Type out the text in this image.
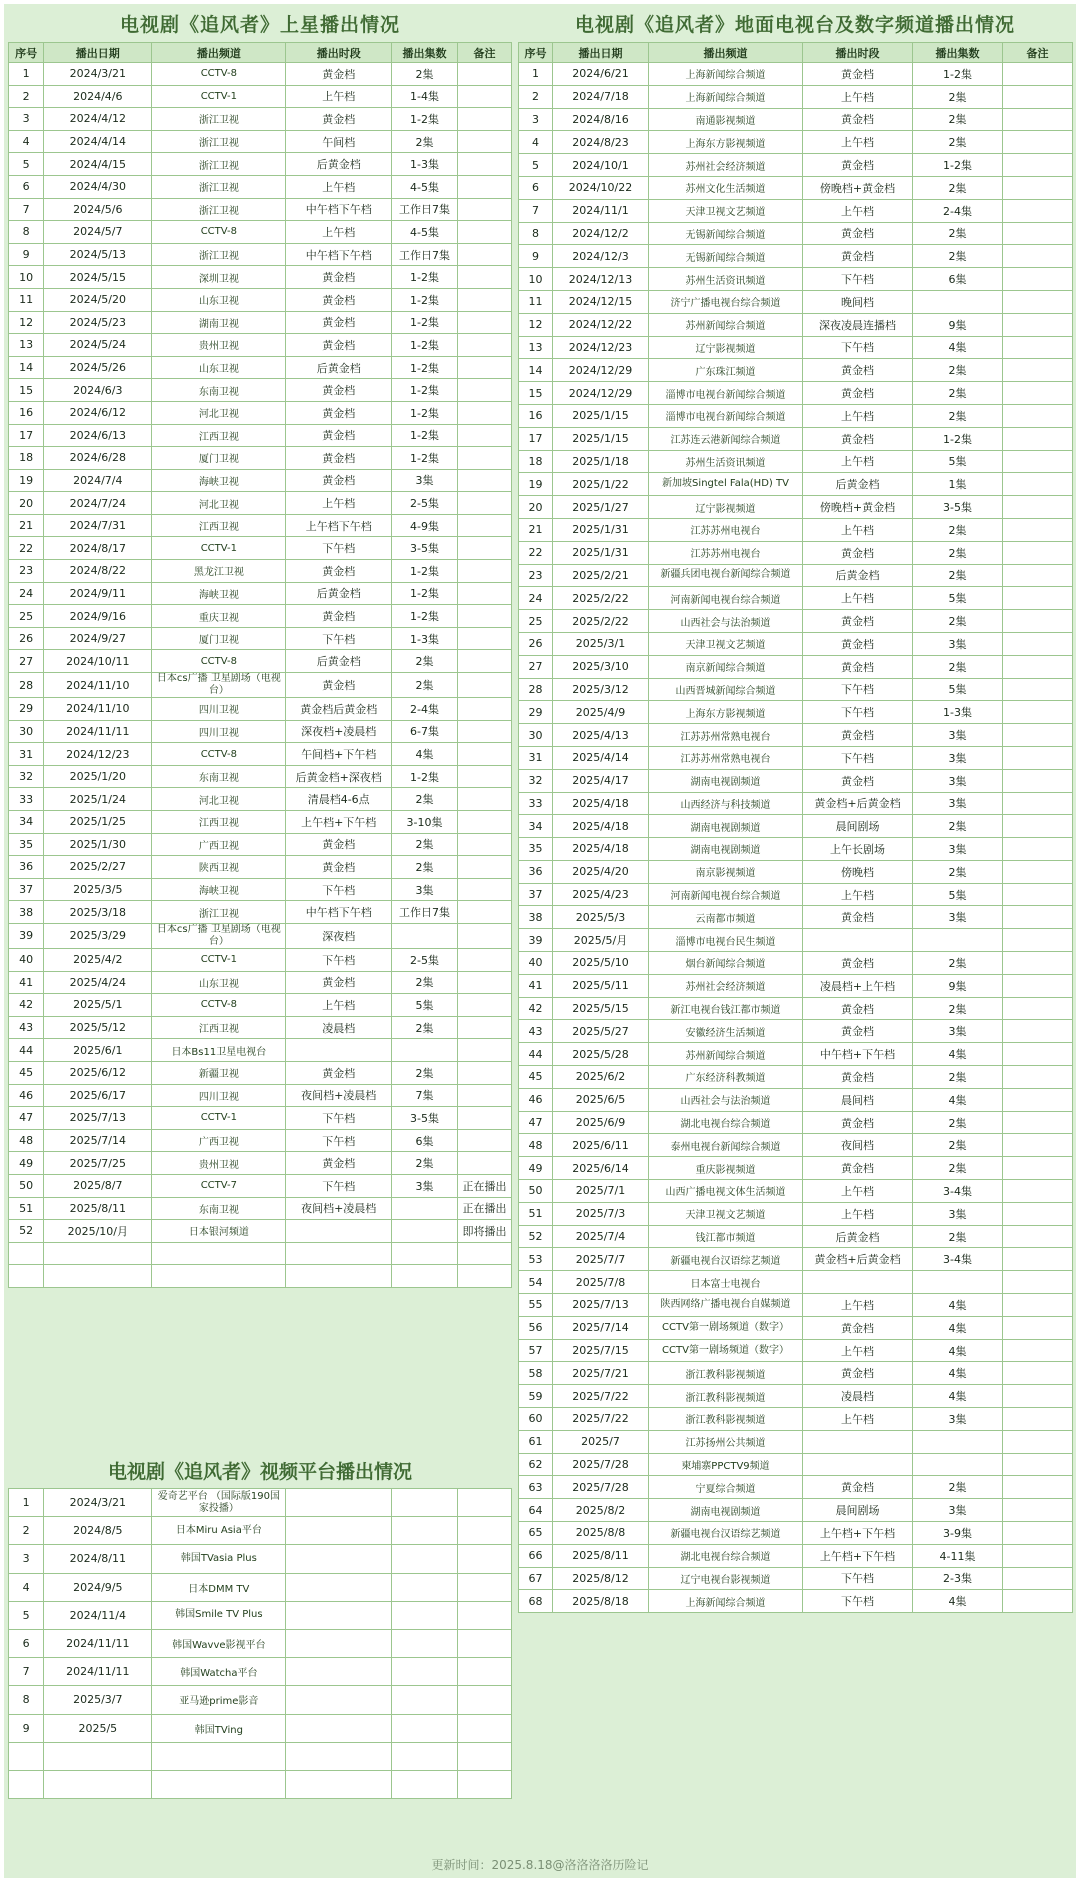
电视剧《追风者》上星播出情况
序号	播出日期	播出频道	播出时段	播出集数	备注
1	2024/3/21	CCTV-8	黄金档	2集	
2	2024/4/6	CCTV-1	上午档	1-4集	
3	2024/4/12	浙江卫视	黄金档	1-2集	
4	2024/4/14	浙江卫视	午间档	2集	
5	2024/4/15	浙江卫视	后黄金档	1-3集	
6	2024/4/30	浙江卫视	上午档	4-5集	
7	2024/5/6	浙江卫视	中午档下午档	工作日7集	
8	2024/5/7	CCTV-8	上午档	4-5集	
9	2024/5/13	浙江卫视	中午档下午档	工作日7集	
10	2024/5/15	深圳卫视	黄金档	1-2集	
11	2024/5/20	山东卫视	黄金档	1-2集	
12	2024/5/23	湖南卫视	黄金档	1-2集	
13	2024/5/24	贵州卫视	黄金档	1-2集	
14	2024/5/26	山东卫视	后黄金档	1-2集	
15	2024/6/3	东南卫视	黄金档	1-2集	
16	2024/6/12	河北卫视	黄金档	1-2集	
17	2024/6/13	江西卫视	黄金档	1-2集	
18	2024/6/28	厦门卫视	黄金档	1-2集	
19	2024/7/4	海峡卫视	黄金档	3集	
20	2024/7/24	河北卫视	上午档	2-5集	
21	2024/7/31	江西卫视	上午档下午档	4-9集	
22	2024/8/17	CCTV-1	下午档	3-5集	
23	2024/8/22	黑龙江卫视	黄金档	1-2集	
24	2024/9/11	海峡卫视	后黄金档	1-2集	
25	2024/9/16	重庆卫视	黄金档	1-2集	
26	2024/9/27	厦门卫视	下午档	1-3集	
27	2024/10/11	CCTV-8	后黄金档	2集	
28	2024/11/10	日本cs广播 卫星剧场（电视台）	黄金档	2集	
29	2024/11/10	四川卫视	黄金档后黄金档	2-4集	
30	2024/11/11	四川卫视	深夜档+凌晨档	6-7集	
31	2024/12/23	CCTV-8	午间档+下午档	4集	
32	2025/1/20	东南卫视	后黄金档+深夜档	1-2集	
33	2025/1/24	河北卫视	清晨档4-6点	2集	
34	2025/1/25	江西卫视	上午档+下午档	3-10集	
35	2025/1/30	广西卫视	黄金档	2集	
36	2025/2/27	陕西卫视	黄金档	2集	
37	2025/3/5	海峡卫视	下午档	3集	
38	2025/3/18	浙江卫视	中午档下午档	工作日7集	
39	2025/3/29	日本cs广播 卫星剧场（电视台）	深夜档		
40	2025/4/2	CCTV-1	下午档	2-5集	
41	2025/4/24	山东卫视	黄金档	2集	
42	2025/5/1	CCTV-8	上午档	5集	
43	2025/5/12	江西卫视	凌晨档	2集	
44	2025/6/1	日本Bs11卫星电视台			
45	2025/6/12	新疆卫视	黄金档	2集	
46	2025/6/17	四川卫视	夜间档+凌晨档	7集	
47	2025/7/13	CCTV-1	下午档	3-5集	
48	2025/7/14	广西卫视	下午档	6集	
49	2025/7/25	贵州卫视	黄金档	2集	
50	2025/8/7	CCTV-7	下午档	3集	正在播出
51	2025/8/11	东南卫视	夜间档+凌晨档		正在播出
52	2025/10/月	日本银河频道			即将播出

电视剧《追风者》视频平台播出情况
1	2024/3/21	爱奇艺平台 （国际版190国家投播）			
2	2024/8/5	日本Miru Asia平台			
3	2024/8/11	韩国TVasia Plus			
4	2024/9/5	日本DMM TV			
5	2024/11/4	韩国Smile TV Plus			
6	2024/11/11	韩国Wavve影视平台			
7	2024/11/11	韩国Watcha平台			
8	2025/3/7	亚马逊prime影音			
9	2025/5	韩国TVing			

电视剧《追风者》地面电视台及数字频道播出情况
序号	播出日期	播出频道	播出时段	播出集数	备注
1	2024/6/21	上海新闻综合频道	黄金档	1-2集	
2	2024/7/18	上海新闻综合频道	上午档	2集	
3	2024/8/16	南通影视频道	黄金档	2集	
4	2024/8/23	上海东方影视频道	上午档	2集	
5	2024/10/1	苏州社会经济频道	黄金档	1-2集	
6	2024/10/22	苏州文化生活频道	傍晚档+黄金档	2集	
7	2024/11/1	天津卫视文艺频道	上午档	2-4集	
8	2024/12/2	无锡新闻综合频道	黄金档	2集	
9	2024/12/3	无锡新闻综合频道	黄金档	2集	
10	2024/12/13	苏州生活资讯频道	下午档	6集	
11	2024/12/15	济宁广播电视台综合频道	晚间档		
12	2024/12/22	苏州新闻综合频道	深夜凌晨连播档	9集	
13	2024/12/23	辽宁影视频道	下午档	4集	
14	2024/12/29	广东珠江频道	黄金档	2集	
15	2024/12/29	淄博市电视台新闻综合频道	黄金档	2集	
16	2025/1/15	淄博市电视台新闻综合频道	上午档	2集	
17	2025/1/15	江苏连云港新闻综合频道	黄金档	1-2集	
18	2025/1/18	苏州生活资讯频道	上午档	5集	
19	2025/1/22	新加坡Singtel Fala(HD) TV	后黄金档	1集	
20	2025/1/27	辽宁影视频道	傍晚档+黄金档	3-5集	
21	2025/1/31	江苏苏州电视台	上午档	2集	
22	2025/1/31	江苏苏州电视台	黄金档	2集	
23	2025/2/21	新疆兵团电视台新闻综合频道	后黄金档	2集	
24	2025/2/22	河南新闻电视台综合频道	上午档	5集	
25	2025/2/22	山西社会与法治频道	黄金档	2集	
26	2025/3/1	天津卫视文艺频道	黄金档	3集	
27	2025/3/10	南京新闻综合频道	黄金档	2集	
28	2025/3/12	山西晋城新闻综合频道	下午档	5集	
29	2025/4/9	上海东方影视频道	下午档	1-3集	
30	2025/4/13	江苏苏州常熟电视台	黄金档	3集	
31	2025/4/14	江苏苏州常熟电视台	下午档	3集	
32	2025/4/17	湖南电视剧频道	黄金档	3集	
33	2025/4/18	山西经济与科技频道	黄金档+后黄金档	3集	
34	2025/4/18	湖南电视剧频道	晨间剧场	2集	
35	2025/4/18	湖南电视剧频道	上午长剧场	3集	
36	2025/4/20	南京影视频道	傍晚档	2集	
37	2025/4/23	河南新闻电视台综合频道	上午档	5集	
38	2025/5/3	云南都市频道	黄金档	3集	
39	2025/5/月	淄博市电视台民生频道			
40	2025/5/10	烟台新闻综合频道	黄金档	2集	
41	2025/5/11	苏州社会经济频道	凌晨档+上午档	9集	
42	2025/5/15	新江电视台钱江都市频道	黄金档	2集	
43	2025/5/27	安徽经济生活频道	黄金档	3集	
44	2025/5/28	苏州新闻综合频道	中午档+下午档	4集	
45	2025/6/2	广东经济科教频道	黄金档	2集	
46	2025/6/5	山西社会与法治频道	晨间档	4集	
47	2025/6/9	湖北电视台综合频道	黄金档	2集	
48	2025/6/11	泰州电视台新闻综合频道	夜间档	2集	
49	2025/6/14	重庆影视频道	黄金档	2集	
50	2025/7/1	山西广播电视文体生活频道	上午档	3-4集	
51	2025/7/3	天津卫视文艺频道	上午档	3集	
52	2025/7/4	钱江都市频道	后黄金档	2集	
53	2025/7/7	新疆电视台汉语综艺频道	黄金档+后黄金档	3-4集	
54	2025/7/8	日本富士电视台			
55	2025/7/13	陕西网络广播电视台自媒频道	上午档	4集	
56	2025/7/14	CCTV第一剧场频道（数字）	黄金档	4集	
57	2025/7/15	CCTV第一剧场频道（数字）	上午档	4集	
58	2025/7/21	浙江教科影视频道	黄金档	4集	
59	2025/7/22	浙江教科影视频道	凌晨档	4集	
60	2025/7/22	浙江教科影视频道	上午档	3集	
61	2025/7	江苏扬州公共频道			
62	2025/7/28	柬埔寨PPCTV9频道			
63	2025/7/28	宁夏综合频道	黄金档	2集	
64	2025/8/2	湖南电视剧频道	晨间剧场	3集	
65	2025/8/8	新疆电视台汉语综艺频道	上午档+下午档	3-9集	
66	2025/8/11	湖北电视台综合频道	上午档+下午档	4-11集	
67	2025/8/12	辽宁电视台影视频道	下午档	2-3集	
68	2025/8/18	上海新闻综合频道	下午档	4集	
更新时间：2025.8.18@洛洛洛洛历险记
